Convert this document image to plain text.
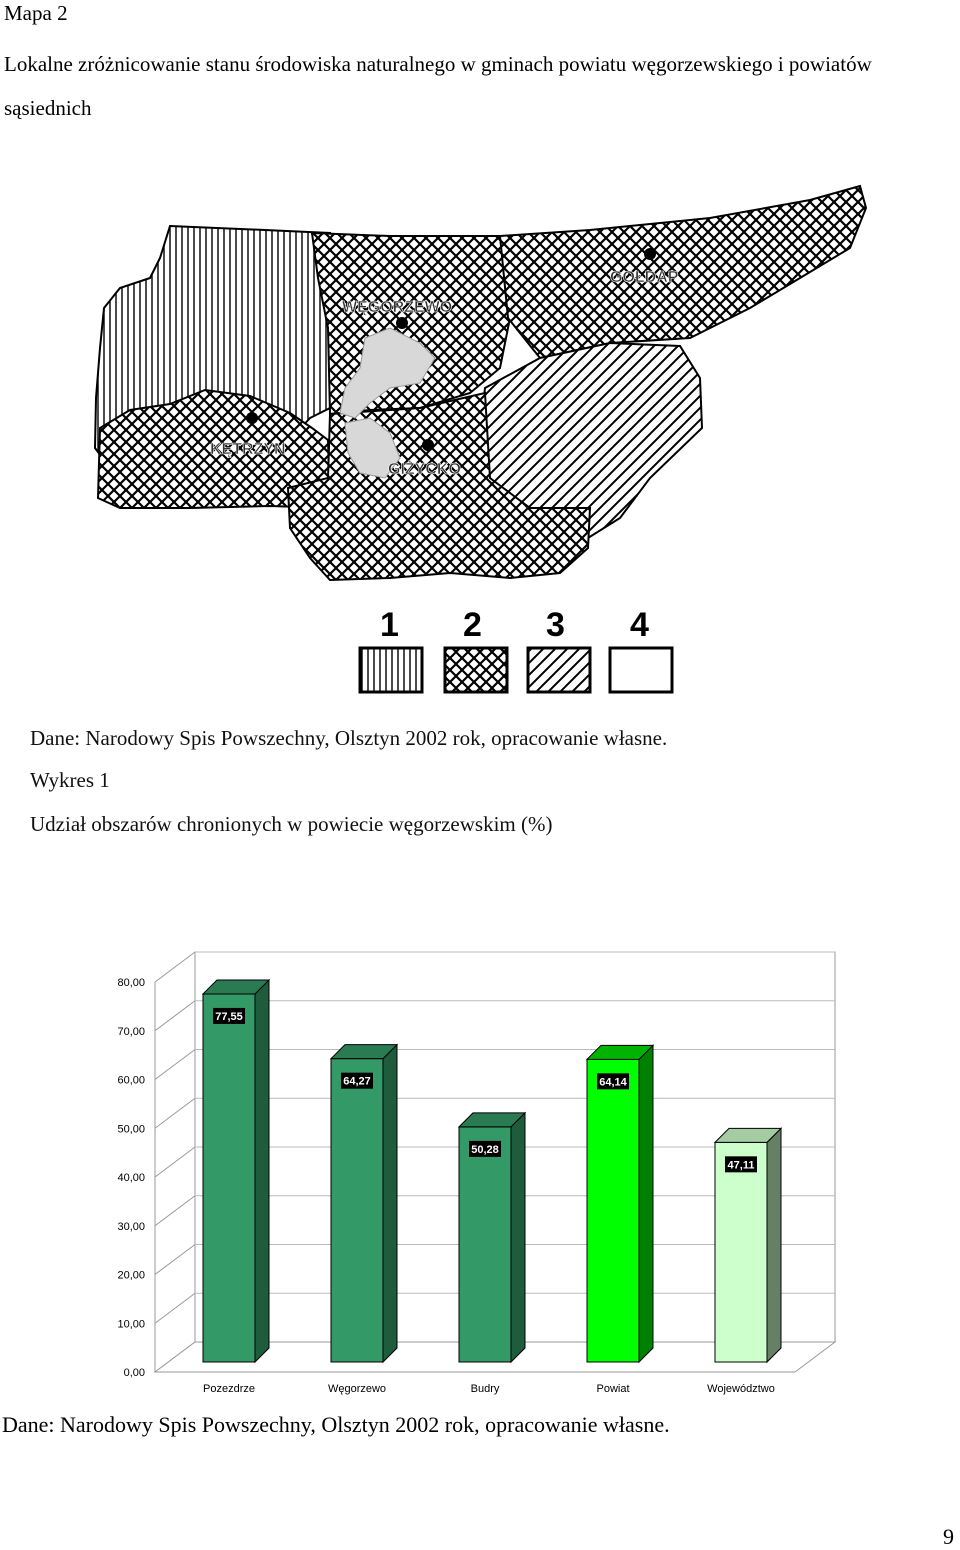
Mapa 2
Lokalne zróżnicowanie stanu środowiska naturalnego w gminach powiatu węgorzewskiego i powiatów sąsiednich
WĘGORZEWO
GOŁDAP
KĘTRZYN
GIŻYCKO
1 2 3 4
Dane: Narodowy Spis Powszechny, Olsztyn 2002 rok, opracowanie własne.
Wykres 1
Udział obszarów chronionych w powiecie węgorzewskim (%)
0,00
10,00
20,00
30,00
40,00
50,00
60,00
70,00
80,00
77,55
Pozezdrze
64,27
Węgorzewo
50,28
Budry
64,14
Powiat
47,11
Województwo
Dane: Narodowy Spis Powszechny, Olsztyn 2002 rok, opracowanie własne.
9
